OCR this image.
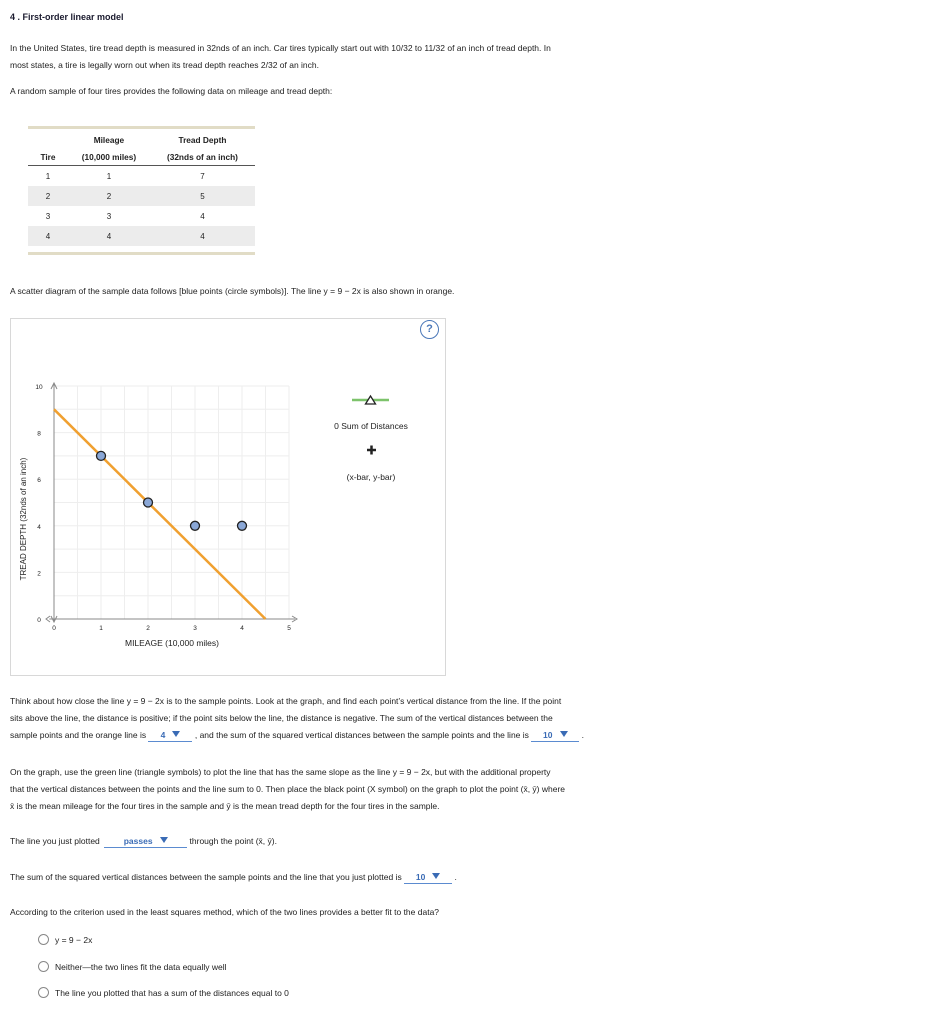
4 . First-order linear model
In the United States, tire tread depth is measured in 32nds of an inch. Car tires typically start out with 10/32 to 11/32 of an inch of tread depth. In
most states, a tire is legally worn out when its tread depth reaches 2/32 of an inch.
A random sample of four tires provides the following data on mileage and tread depth:
	Mileage	Tread Depth
Tire	(10,000 miles)	(32nds of an inch)
1	1	7
2	2	5
3	3	4
4	4	4
A scatter diagram of the sample data follows [blue points (circle symbols)]. The line y = 9 − 2x is also shown in orange.
?
0	1	2	3	4	5
0
2
4
6
8
10
MILEAGE (10,000 miles)
TREAD DEPTH (32nds of an inch)
0 Sum of Distances
(x-bar, y-bar)
Think about how close the line y = 9 − 2x is to the sample points. Look at the graph, and find each point’s vertical distance from the line. If the point
sits above the line, the distance is positive; if the point sits below the line, the distance is negative. The sum of the vertical distances between the
sample points and the orange line is 4	, and the sum of the squared vertical distances between the sample points and the line is 10	.
On the graph, use the green line (triangle symbols) to plot the line that has the same slope as the line y = 9 − 2x, but with the additional property
that the vertical distances between the points and the line sum to 0. Then place the black point (X symbol) on the graph to plot the point (x̄, ȳ) where
x̄ is the mean mileage for the four tires in the sample and ȳ is the mean tread depth for the four tires in the sample.
The line you just plotted	passes	through the point (x̄, ȳ).
The sum of the squared vertical distances between the sample points and the line that you just plotted is 10	.
According to the criterion used in the least squares method, which of the two lines provides a better fit to the data?
y = 9 − 2x
Neither—the two lines fit the data equally well
The line you plotted that has a sum of the distances equal to 0
